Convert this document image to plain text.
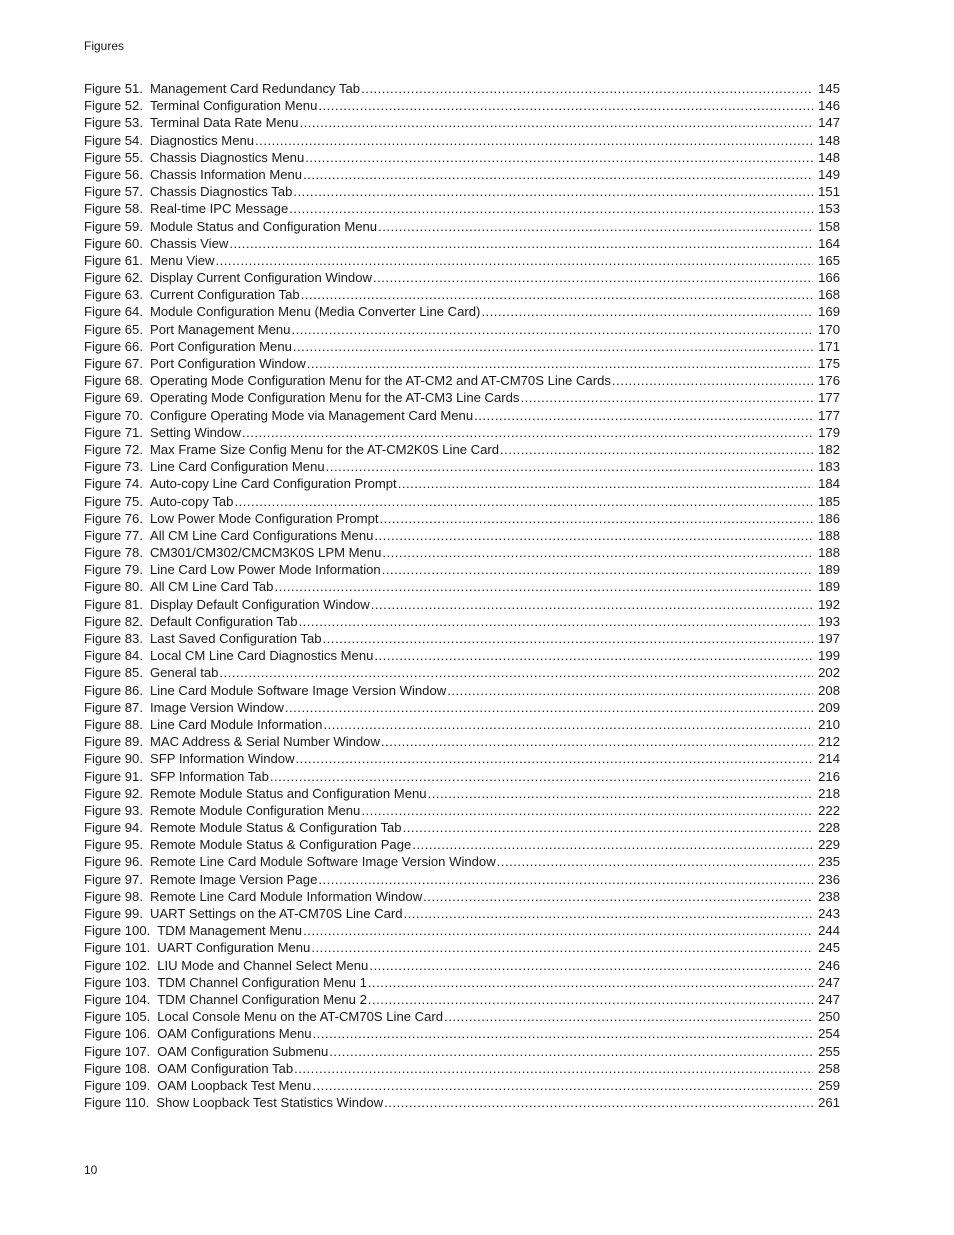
Figures
Figure 51. Management Card Redundancy Tab .....	145
Figure 52. Terminal Configuration Menu .....	146
Figure 53. Terminal Data Rate Menu .....	147
Figure 54. Diagnostics Menu .....	148
Figure 55. Chassis Diagnostics Menu .....	148
Figure 56. Chassis Information Menu .....	149
Figure 57. Chassis Diagnostics Tab .....	151
Figure 58. Real-time IPC Message .....	153
Figure 59. Module Status and Configuration Menu .....	158
Figure 60. Chassis View .....	164
Figure 61. Menu View .....	165
Figure 62. Display Current Configuration Window .....	166
Figure 63. Current Configuration Tab .....	168
Figure 64. Module Configuration Menu (Media Converter Line Card) .....	169
Figure 65. Port Management Menu .....	170
Figure 66. Port Configuration Menu .....	171
Figure 67. Port Configuration Window .....	175
Figure 68. Operating Mode Configuration Menu for the AT-CM2 and AT-CM70S Line Cards .....	176
Figure 69. Operating Mode Configuration Menu for the AT-CM3 Line Cards .....	177
Figure 70. Configure Operating Mode via Management Card Menu .....	177
Figure 71. Setting Window .....	179
Figure 72. Max Frame Size Config Menu for the AT-CM2K0S Line Card .....	182
Figure 73. Line Card Configuration Menu .....	183
Figure 74. Auto-copy Line Card Configuration Prompt .....	184
Figure 75. Auto-copy Tab .....	185
Figure 76. Low Power Mode Configuration Prompt .....	186
Figure 77. All CM Line Card Configurations Menu .....	188
Figure 78. CM301/CM302/CMCM3K0S LPM Menu .....	188
Figure 79. Line Card Low Power Mode Information .....	189
Figure 80. All CM Line Card Tab .....	189
Figure 81. Display Default Configuration Window .....	192
Figure 82. Default Configuration Tab .....	193
Figure 83. Last Saved Configuration Tab .....	197
Figure 84. Local CM Line Card Diagnostics Menu .....	199
Figure 85. General tab .....	202
Figure 86. Line Card Module Software Image Version Window .....	208
Figure 87. Image Version Window .....	209
Figure 88. Line Card Module Information .....	210
Figure 89. MAC Address & Serial Number Window .....	212
Figure 90. SFP Information Window .....	214
Figure 91. SFP Information Tab .....	216
Figure 92. Remote Module Status and Configuration Menu .....	218
Figure 93. Remote Module Configuration Menu .....	222
Figure 94. Remote Module Status & Configuration Tab .....	228
Figure 95. Remote Module Status & Configuration Page .....	229
Figure 96. Remote Line Card Module Software Image Version Window .....	235
Figure 97. Remote Image Version Page .....	236
Figure 98. Remote Line Card Module Information Window .....	238
Figure 99. UART Settings on the AT-CM70S Line Card .....	243
Figure 100. TDM Management Menu .....	244
Figure 101. UART Configuration Menu .....	245
Figure 102. LIU Mode and Channel Select Menu .....	246
Figure 103. TDM Channel Configuration Menu 1 .....	247
Figure 104. TDM Channel Configuration Menu 2 .....	247
Figure 105. Local Console Menu on the AT-CM70S Line Card .....	250
Figure 106. OAM Configurations Menu .....	254
Figure 107. OAM Configuration Submenu .....	255
Figure 108. OAM Configuration Tab .....	258
Figure 109. OAM Loopback Test Menu .....	259
Figure 110. Show Loopback Test Statistics Window .....	261
10
